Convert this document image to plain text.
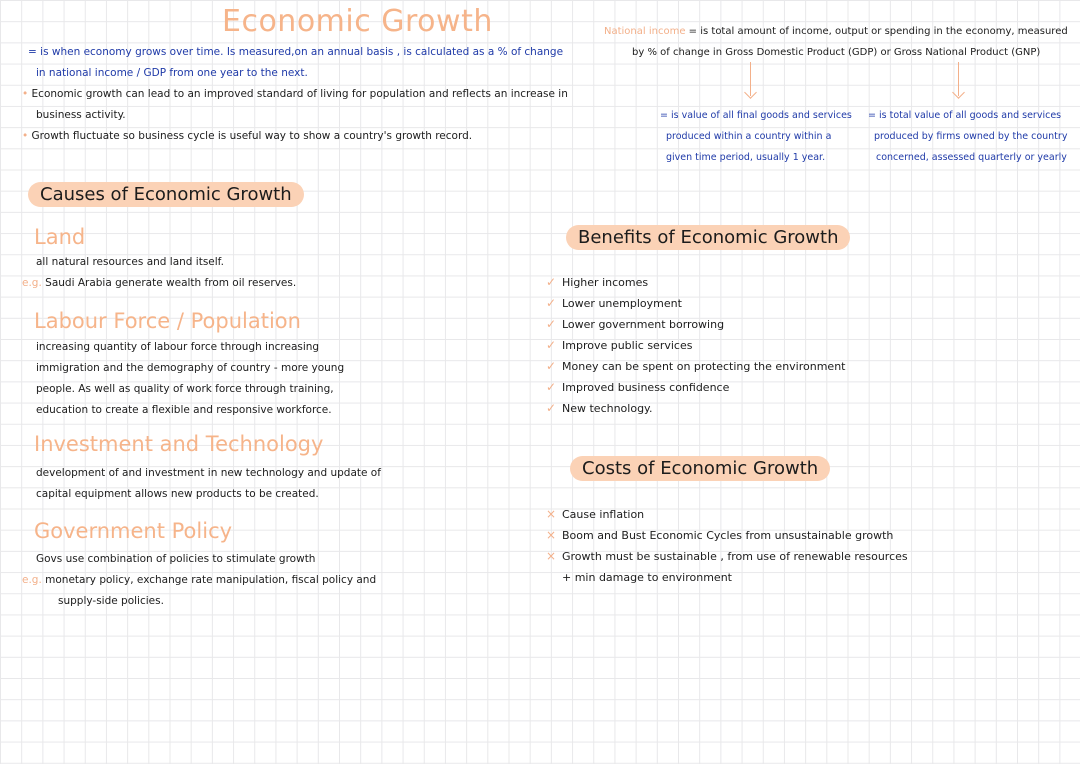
Economic Growth
= is when economy grows over time. Is measured,on an annual basis , is calculated as a % of change
in national income / GDP from one year to the next.
• Economic growth can lead to an improved standard of living for population and reflects an increase in
business activity.
• Growth fluctuate so business cycle is useful way to show a country's growth record.
National income = is total amount of income, output or spending in the economy, measured
by % of change in Gross Domestic Product (GDP) or Gross National Product (GNP)
= is value of all final goods and services
produced within a country within a
given time period, usually 1 year.
= is total value of all goods and services
produced by firms owned by the country
concerned, assessed quarterly or yearly
Causes of Economic Growth
Land
all natural resources and land itself.
e.g. Saudi Arabia generate wealth from oil reserves.
Labour Force / Population
increasing quantity of labour force through increasing
immigration and the demography of country - more young
people. As well as quality of work force through training,
education to create a flexible and responsive workforce.
Investment and Technology
development of and investment in new technology and update of
capital equipment allows new products to be created.
Government Policy
Govs use combination of policies to stimulate growth
e.g. monetary policy, exchange rate manipulation, fiscal policy and
supply-side policies.
Benefits of Economic Growth
✓ Higher incomes
✓ Lower unemployment
✓ Lower government borrowing
✓ Improve public services
✓ Money can be spent on protecting the environment
✓ Improved business confidence
✓ New technology.
Costs of Economic Growth
× Cause inflation
× Boom and Bust Economic Cycles from unsustainable growth
× Growth must be sustainable , from use of renewable resources
+ min damage to environment
